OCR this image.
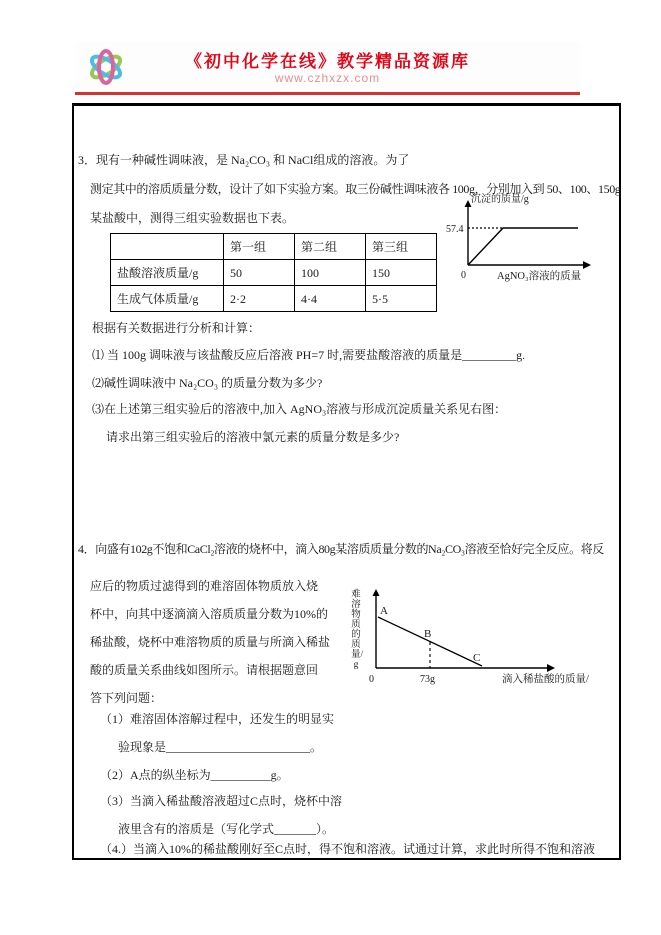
《初中化学在线》教学精品资源库
www.czhxzx.com
3．现有一种碱性调味液，是 Na₂CO₃ 和 NaCl组成的溶液。为了
测定其中的溶质质量分数，设计了如下实验方案。取三份碱性调味液各 100g，分别加入到 50、100、150g
某盐酸中，测得三组实验数据也下表。
	第一组	第二组	第三组
盐酸溶液质量/g	50	100	150
生成气体质量/g	2·2	4·4	5·5
沉淀的质量/g
57.4
0	AgNO₃溶液的质量
根据有关数据进行分析和计算：
⑴ 当 100g 调味液与该盐酸反应后溶液 PH=7 时,需要盐酸溶液的质量是_________g.
⑵碱性调味液中 Na₂CO₃ 的质量分数为多少?
⑶在上述第三组实验后的溶液中,加入 AgNO₃溶液与形成沉淀质量关系见右图：
请求出第三组实验后的溶液中氯元素的质量分数是多少?
4．向盛有102g不饱和CaCl₂溶液的烧杯中，滴入80g某溶质质量分数的Na₂CO₃溶液至恰好完全反应。将反
应后的物质过滤得到的难溶固体物质放入烧
杯中，向其中逐滴滴入溶质质量分数为10%的
稀盐酸，烧杯中难溶物质的质量与所滴入稀盐
酸的质量关系曲线如图所示。请根据题意回
答下列问题：
难溶物质的质量/g
A
B
C
0	73g	滴入稀盐酸的质量/
（1）难溶固体溶解过程中，还发生的明显实
验现象是________________________。
（2）A点的纵坐标为__________g。
（3）当滴入稀盐酸溶液超过C点时，烧杯中溶
液里含有的溶质是（写化学式_______）。
（4.）当滴入10%的稀盐酸刚好至C点时，得不饱和溶液。试通过计算，求此时所得不饱和溶液
